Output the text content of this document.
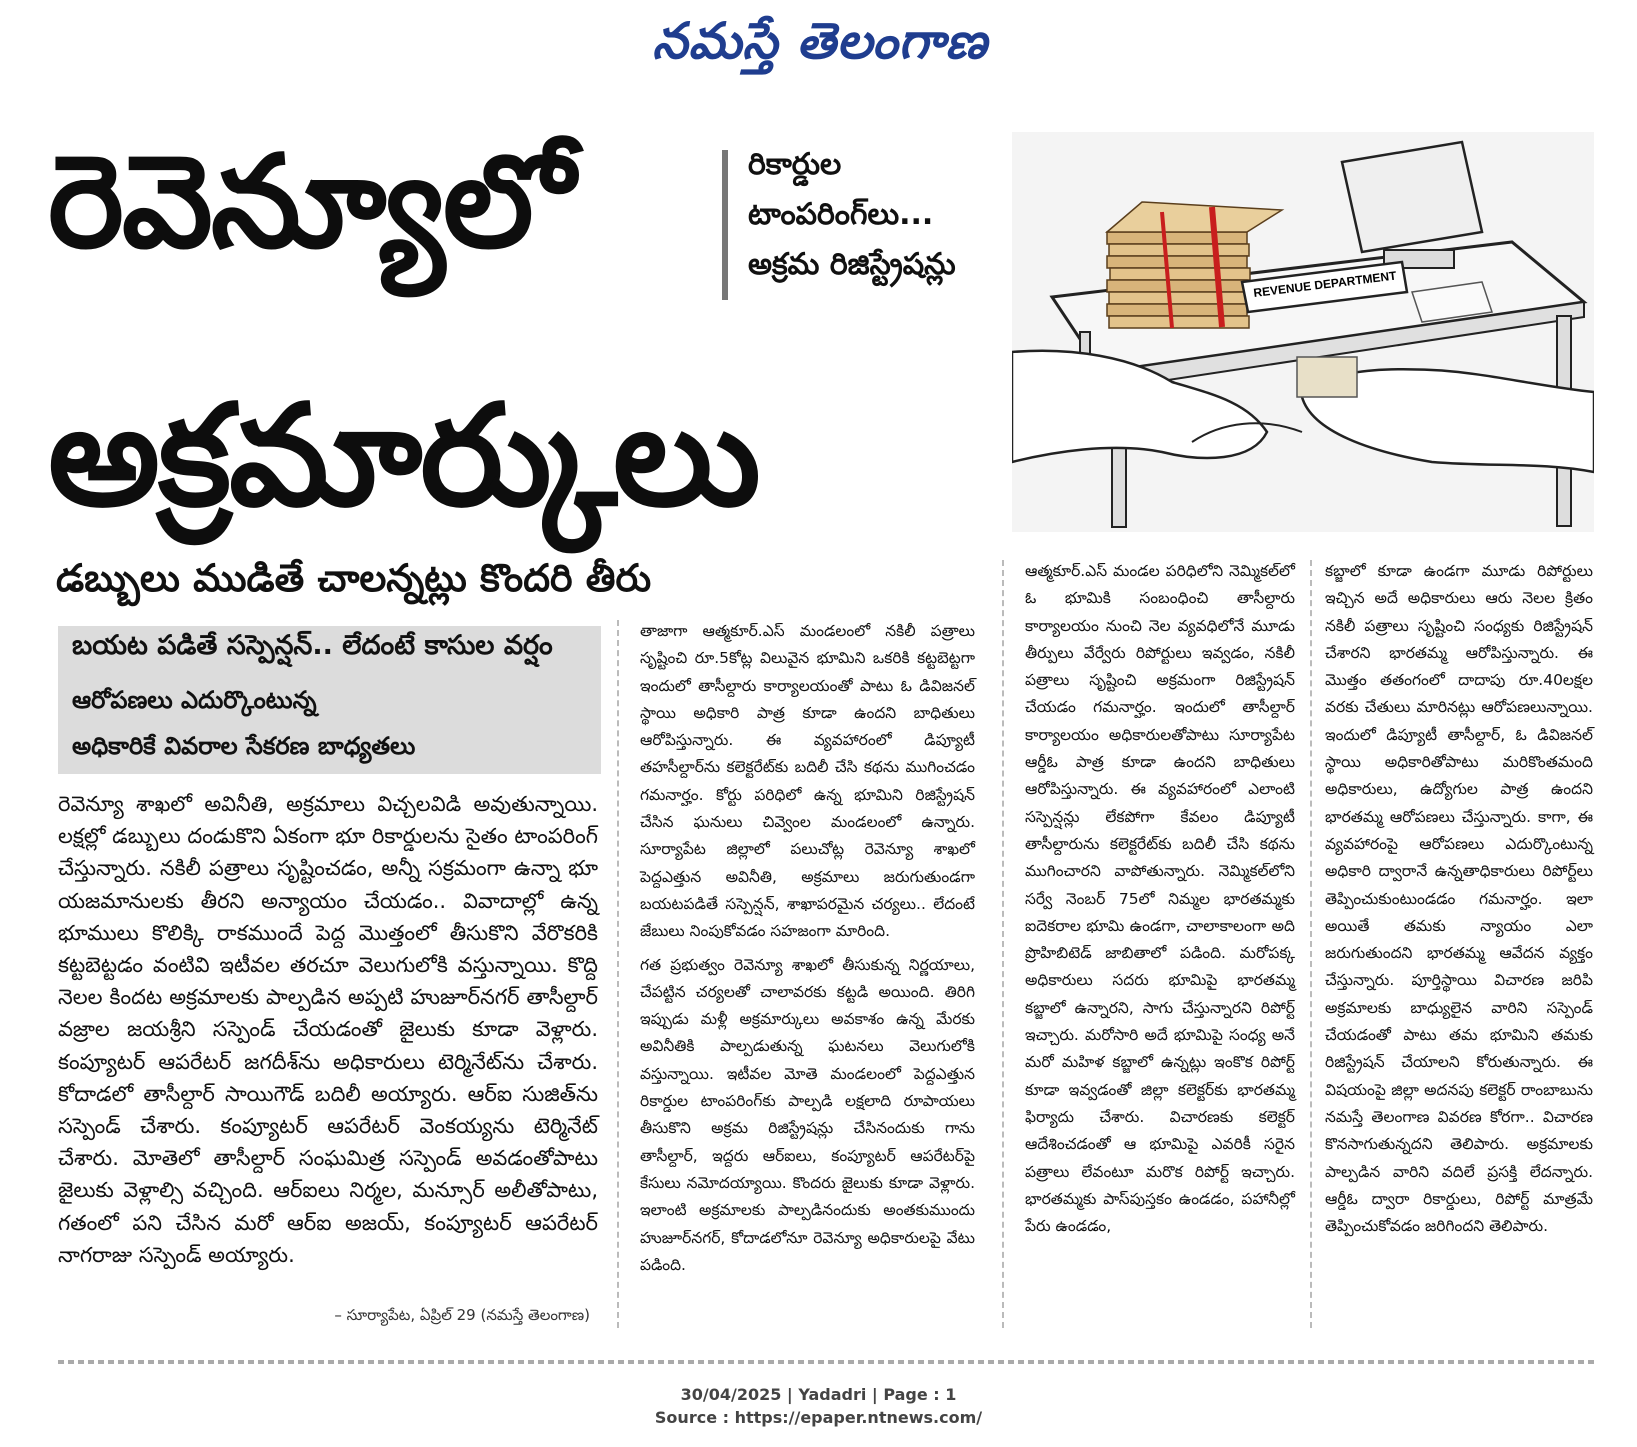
నమస్తే తెలంగాణ
రెవెన్యూలో
అక్రమార్కులు
రికార్డుల
టాంపరింగ్‌లు...
అక్రమ రిజిస్ట్రేషన్లు
REVENUE DEPARTMENT
డబ్బులు ముడితే చాలన్నట్లు కొందరి తీరు
బయట పడితే సస్పెన్షన్.. లేదంటే కాసుల వర్షం
ఆరోపణలు ఎదుర్కొంటున్న
అధికారికే వివరాల సేకరణ బాధ్యతలు

రెవెన్యూ శాఖలో అవినీతి, అక్రమాలు విచ్చలవిడి అవుతున్నాయి. లక్షల్లో డబ్బులు దండుకొని ఏకంగా భూ రికార్డులను సైతం టాంపరింగ్ చేస్తున్నారు. నకిలీ పత్రాలు సృష్టించడం, అన్నీ సక్రమంగా ఉన్నా భూ యజమానులకు తీరని అన్యాయం చేయడం.. వివాదాల్లో ఉన్న భూములు కొలిక్కి రాకముందే పెద్ద మొత్తంలో తీసుకొని వేరొకరికి కట్టబెట్టడం వంటివి ఇటీవల తరచూ వెలుగులోకి వస్తున్నాయి. కొద్ది నెలల కిందట అక్రమాలకు పాల్పడిన అప్పటి హుజూర్‌నగర్ తాసీల్దార్ వజ్రాల జయశ్రీని సస్పెండ్ చేయడంతో జైలుకు కూడా వెళ్లారు. కంప్యూటర్ ఆపరేటర్ జగదీశ్‌ను అధికారులు టెర్మినేట్‌ను చేశారు. కోదాడలో తాసీల్దార్ సాయిగౌడ్ బదిలీ అయ్యారు. ఆర్ఐ సుజిత్‌ను సస్పెండ్ చేశారు. కంప్యూటర్ ఆపరేటర్ వెంకయ్యను టెర్మినేట్ చేశారు. మోతెలో తాసీల్దార్ సంఘమిత్ర సస్పెండ్ అవడంతోపాటు జైలుకు వెళ్లాల్సి వచ్చింది. ఆర్ఐలు నిర్మల, మన్సూర్ అలీతోపాటు, గతంలో పని చేసిన మరో ఆర్ఐ అజయ్, కంప్యూటర్ ఆపరేటర్ నాగరాజు సస్పెండ్ అయ్యారు.

– సూర్యాపేట, ఏప్రిల్ 29 (నమస్తే తెలంగాణ)

తాజాగా ఆత్మకూర్.ఎస్ మండలంలో నకిలీ పత్రాలు సృష్టించి రూ.5కోట్ల విలువైన భూమిని ఒకరికి కట్టబెట్టగా ఇందులో తాసీల్దారు కార్యాలయంతో పాటు ఓ డివిజనల్ స్థాయి అధికారి పాత్ర కూడా ఉందని బాధితులు ఆరోపిస్తున్నారు. ఈ వ్యవహారంలో డిప్యూటీ తహసీల్దార్‌ను కలెక్టరేట్‌కు బదిలీ చేసి కథను ముగించడం గమనార్హం. కోర్టు పరిధిలో ఉన్న భూమిని రిజిస్ట్రేషన్ చేసిన ఘనులు చివ్వెంల మండలంలో ఉన్నారు. సూర్యాపేట జిల్లాలో పలుచోట్ల రెవెన్యూ శాఖలో పెద్దఎత్తున అవినీతి, అక్రమాలు జరుగుతుండగా బయటపడితే సస్పెన్షన్, శాఖాపరమైన చర్యలు.. లేదంటే జేబులు నింపుకోవడం సహజంగా మారింది.

గత ప్రభుత్వం రెవెన్యూ శాఖలో తీసుకున్న నిర్ణయాలు, చేపట్టిన చర్యలతో చాలావరకు కట్టడి అయింది. తిరిగి ఇప్పుడు మళ్లీ అక్రమార్కులు అవకాశం ఉన్న మేరకు అవినీతికి పాల్పడుతున్న ఘటనలు వెలుగులోకి వస్తున్నాయి. ఇటీవల మోతె మండలంలో పెద్దఎత్తున రికార్డుల టాంపరింగ్‌కు పాల్పడి లక్షలాది రూపాయలు తీసుకొని అక్రమ రిజిస్ట్రేషన్లు చేసినందుకు గాను తాసీల్దార్, ఇద్దరు ఆర్ఐలు, కంప్యూటర్ ఆపరేటర్‌పై కేసులు నమోదయ్యాయి. కొందరు జైలుకు కూడా వెళ్లారు. ఇలాంటి అక్రమాలకు పాల్పడినందుకు అంతకుముందు హుజూర్‌నగర్, కోదాడలోనూ రెవెన్యూ అధికారులపై వేటు పడింది.

ఆత్మకూర్.ఎస్ మండల పరిధిలోని నెమ్మికల్‌లో ఓ భూమికి సంబంధించి తాసీల్దారు కార్యాలయం నుంచి నెల వ్యవధిలోనే మూడు తీర్పులు వేర్వేరు రిపోర్టులు ఇవ్వడం, నకిలీ పత్రాలు సృష్టించి అక్రమంగా రిజిస్ట్రేషన్ చేయడం గమనార్హం. ఇందులో తాసీల్దార్ కార్యాలయం అధికారులతోపాటు సూర్యాపేట ఆర్డీఓ పాత్ర కూడా ఉందని బాధితులు ఆరోపిస్తున్నారు. ఈ వ్యవహారంలో ఎలాంటి సస్పెన్షన్లు లేకపోగా కేవలం డిప్యూటీ తాసీల్దారును కలెక్టరేట్‌కు బదిలీ చేసి కథను ముగించారని వాపోతున్నారు. నెమ్మికల్‌లోని సర్వే నెంబర్ 75లో నిమ్మల భారతమ్మకు ఐదెకరాల భూమి ఉండగా, చాలాకాలంగా అది ప్రొహిబిటెడ్ జాబితాలో పడింది. మరోపక్క అధికారులు సదరు భూమిపై భారతమ్మ కబ్జాలో ఉన్నారని, సాగు చేస్తున్నారని రిపోర్ట్ ఇచ్చారు. మరోసారి అదే భూమిపై సంధ్య అనే మరో మహిళ కబ్జాలో ఉన్నట్లు ఇంకొక రిపోర్ట్ కూడా ఇవ్వడంతో జిల్లా కలెక్టర్‌కు భారతమ్మ ఫిర్యాదు చేశారు. విచారణకు కలెక్టర్ ఆదేశించడంతో ఆ భూమిపై ఎవరికీ సరైన పత్రాలు లేవంటూ మరొక రిపోర్ట్ ఇచ్చారు. భారతమ్మకు పాస్‌పుస్తకం ఉండడం, పహానీల్లో పేరు ఉండడం,

కబ్జాలో కూడా ఉండగా మూడు రిపోర్టులు ఇచ్చిన అదే అధికారులు ఆరు నెలల క్రితం నకిలీ పత్రాలు సృష్టించి సంధ్యకు రిజిస్ట్రేషన్ చేశారని భారతమ్మ ఆరోపిస్తున్నారు. ఈ మొత్తం తతంగంలో దాదాపు రూ.40లక్షల వరకు చేతులు మారినట్లు ఆరోపణలున్నాయి. ఇందులో డిప్యూటీ తాసీల్దార్, ఓ డివిజనల్ స్థాయి అధికారితోపాటు మరికొంతమంది అధికారులు, ఉద్యోగుల పాత్ర ఉందని భారతమ్మ ఆరోపణలు చేస్తున్నారు. కాగా, ఈ వ్యవహారంపై ఆరోపణలు ఎదుర్కొంటున్న అధికారి ద్వారానే ఉన్నతాధికారులు రిపోర్ట్‌లు తెప్పించుకుంటుండడం గమనార్హం. ఇలా అయితే తమకు న్యాయం ఎలా జరుగుతుందని భారతమ్మ ఆవేదన వ్యక్తం చేస్తున్నారు. పూర్తిస్థాయి విచారణ జరిపి అక్రమాలకు బాధ్యులైన వారిని సస్పెండ్ చేయడంతో పాటు తమ భూమిని తమకు రిజిస్ట్రేషన్ చేయాలని కోరుతున్నారు. ఈ విషయంపై జిల్లా అదనపు కలెక్టర్ రాంబాబును నమస్తే తెలంగాణ వివరణ కోరగా.. విచారణ కొనసాగుతున్నదని తెలిపారు. అక్రమాలకు పాల్పడిన వారిని వదిలే ప్రసక్తి లేదన్నారు. ఆర్డీఓ ద్వారా రికార్డులు, రిపోర్ట్ మాత్రమే తెప్పించుకోవడం జరిగిందని తెలిపారు.

30/04/2025 | Yadadri | Page : 1
Source : https://epaper.ntnews.com/
